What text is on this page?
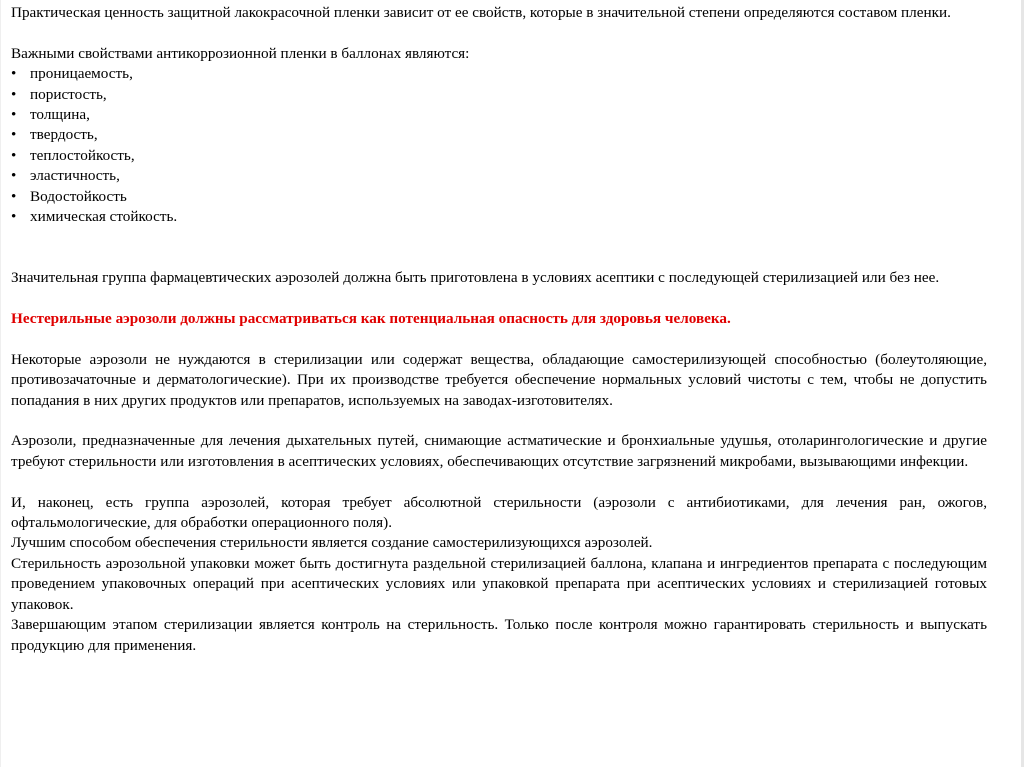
Практическая ценность защитной лакокрасочной пленки зависит от ее свойств, которые в значительной степени определяются составом пленки.

Важными свойствами антикоррозионной пленки в баллонах являются:

• проницаемость,
• пористость,
• толщина,
• твердость,
• теплостойкость,
• эластичность,
• Водостойкость
• химическая стойкость.

Значительная группа фармацевтических аэрозолей должна быть приготовлена в условиях асептики с последующей стерилизацией или без нее.

Нестерильные аэрозоли должны рассматриваться как потенциальная опасность для здоровья человека.

Некоторые аэрозоли не нуждаются в стерилизации или содержат вещества, обладающие самостерилизующей способностью (болеутоляющие, противозачаточные и дерматологические). При их производстве требуется обеспечение нормальных условий чистоты с тем, чтобы не допустить попадания в них других продуктов или препаратов, используемых на заводах-изготовителях.

Аэрозоли, предназначенные для лечения дыхательных путей, снимающие астматические и бронхиальные удушья, отоларингологические и другие требуют стерильности или изготовления в асептических условиях, обеспечивающих отсутствие загрязнений микробами, вызывающими инфекции.

И, наконец, есть группа аэрозолей, которая требует абсолютной стерильности (аэрозоли с антибиотиками, для лечения ран, ожогов, офтальмологические, для обработки операционного поля).

Лучшим способом обеспечения стерильности является создание самостерилизующихся аэрозолей.

Стерильность аэрозольной упаковки может быть достигнута раздельной стерилизацией баллона, клапана и ингредиентов препарата с последующим проведением упаковочных операций при асептических условиях или упаковкой препарата при асептических условиях и стерилизацией готовых упаковок.

Завершающим этапом стерилизации является контроль на стерильность. Только после контроля можно гарантировать стерильность и выпускать продукцию для применения.
